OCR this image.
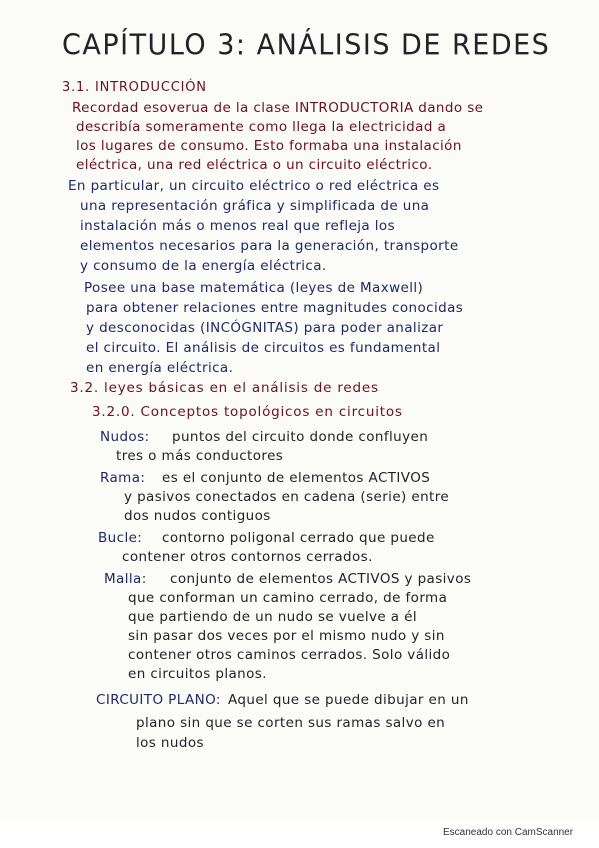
CAPÍTULO 3: ANÁLISIS DE REDES
3.1. INTRODUCCIÓN
Recordad esoverua de la clase INTRODUCTORIA dando se
describía someramente como llega la electricidad a
los lugares de consumo. Esto formaba una instalación
eléctrica, una red eléctrica o un circuito eléctrico.
En particular, un circuito eléctrico o red eléctrica es
una representación gráfica y simplificada de una
instalación más o menos real que refleja los
elementos necesarios para la generación, transporte
y consumo de la energía eléctrica.
Posee una base matemática (leyes de Maxwell)
para obtener relaciones entre magnitudes conocidas
y desconocidas (INCÓGNITAS) para poder analizar
el circuito. El análisis de circuitos es fundamental
en energía eléctrica.
3.2. leyes básicas en el análisis de redes
3.2.0. Conceptos topológicos en circuitos
Nudos: puntos del circuito donde confluyen
tres o más conductores
Rama: es el conjunto de elementos ACTIVOS
y pasivos conectados en cadena (serie) entre
dos nudos contiguos
Bucle: contorno poligonal cerrado que puede
contener otros contornos cerrados.
Malla: conjunto de elementos ACTIVOS y pasivos
que conforman un camino cerrado, de forma
que partiendo de un nudo se vuelve a él
sin pasar dos veces por el mismo nudo y sin
contener otros caminos cerrados. Solo válido
en circuitos planos.
CIRCUITO PLANO: Aquel que se puede dibujar en un
plano sin que se corten sus ramas salvo en
los nudos
Escaneado con CamScanner
